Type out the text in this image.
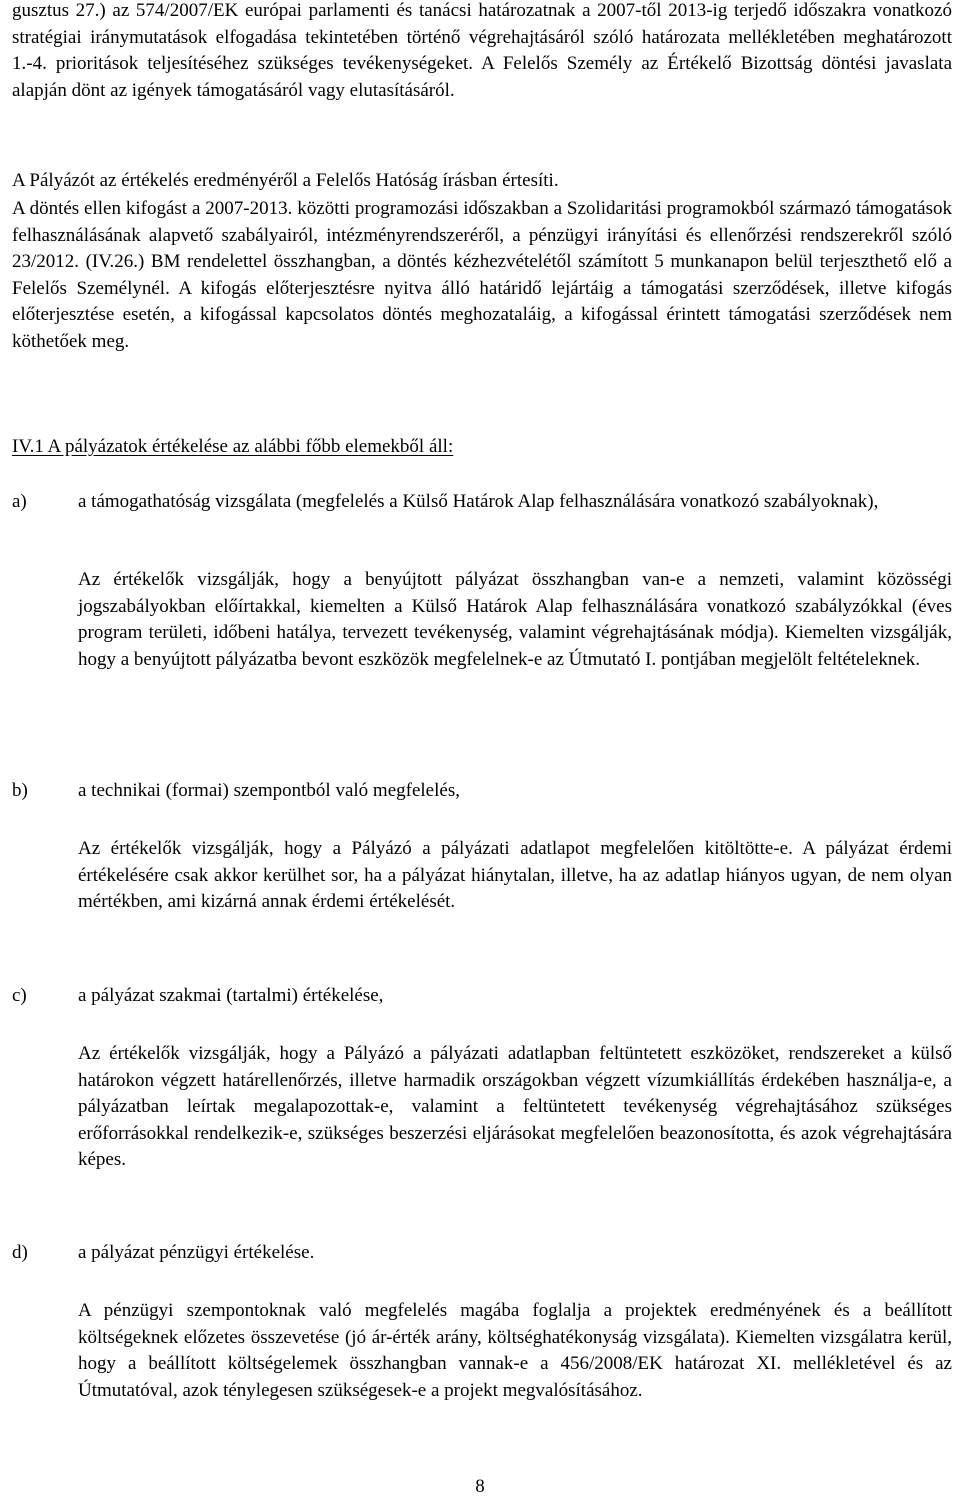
gusztus 27.) az 574/2007/EK európai parlamenti és tanácsi határozatnak a 2007-től 2013-ig terjedő időszakra vonatkozó stratégiai iránymutatások elfogadása tekintetében történő végrehajtásáról szóló határozata mellékletében meghatározott 1.-4. prioritások teljesítéséhez szükséges tevékenységeket. A Felelős Személy az Értékelő Bizottság döntési javaslata alapján dönt az igények támogatásáról vagy elutasításáról.

A Pályázót az értékelés eredményéről a Felelős Hatóság írásban értesíti.

A döntés ellen kifogást a 2007-2013. közötti programozási időszakban a Szolidaritási programokból származó támogatások felhasználásának alapvető szabályairól, intézményrendszeréről, a pénzügyi irányítási és ellenőrzési rendszerekről szóló 23/2012. (IV.26.) BM rendelettel összhangban, a döntés kézhezvételétől számított 5 munkanapon belül terjeszthető elő a Felelős Személynél. A kifogás előterjesztésre nyitva álló határidő lejártáig a támogatási szerződések, illetve kifogás előterjesztése esetén, a kifogással kapcsolatos döntés meghozataláig, a kifogással érintett támogatási szerződések nem köthetőek meg.

IV.1 A pályázatok értékelése az alábbi főbb elemekből áll:
a)	a támogathatóság vizsgálata (megfelelés a Külső Határok Alap felhasználására vonatkozó szabályoknak),

Az értékelők vizsgálják, hogy a benyújtott pályázat összhangban van-e a nemzeti, valamint közösségi jogszabályokban előírtakkal, kiemelten a Külső Határok Alap felhasználására vonatkozó szabályzókkal (éves program területi, időbeni hatálya, tervezett tevékenység, valamint végrehajtásának módja). Kiemelten vizsgálják, hogy a benyújtott pályázatba bevont eszközök megfelelnek-e az Útmutató I. pontjában megjelölt feltételeknek.

b)	a technikai (formai) szempontból való megfelelés,

Az értékelők vizsgálják, hogy a Pályázó a pályázati adatlapot megfelelően kitöltötte-e. A pályázat érdemi értékelésére csak akkor kerülhet sor, ha a pályázat hiánytalan, illetve, ha az adatlap hiányos ugyan, de nem olyan mértékben, ami kizárná annak érdemi értékelését.

c)	a pályázat szakmai (tartalmi) értékelése,

Az értékelők vizsgálják, hogy a Pályázó a pályázati adatlapban feltüntetett eszközöket, rendszereket a külső határokon végzett határellenőrzés, illetve harmadik országokban végzett vízumkiállítás érdekében használja-e, a pályázatban leírtak megalapozottak-e, valamint a feltüntetett tevékenység végrehajtásához szükséges erőforrásokkal rendelkezik-e, szükséges beszerzési eljárásokat megfelelően beazonosította, és azok végrehajtására képes.

d)	a pályázat pénzügyi értékelése.

A pénzügyi szempontoknak való megfelelés magába foglalja a projektek eredményének és a beállított költségeknek előzetes összevetése (jó ár-érték arány, költséghatékonyság vizsgálata). Kiemelten vizsgálatra kerül, hogy a beállított költségelemek összhangban vannak-e a 456/2008/EK határozat XI. mellékletével és az Útmutatóval, azok ténylegesen szükségesek-e a projekt megvalósításához.

8
